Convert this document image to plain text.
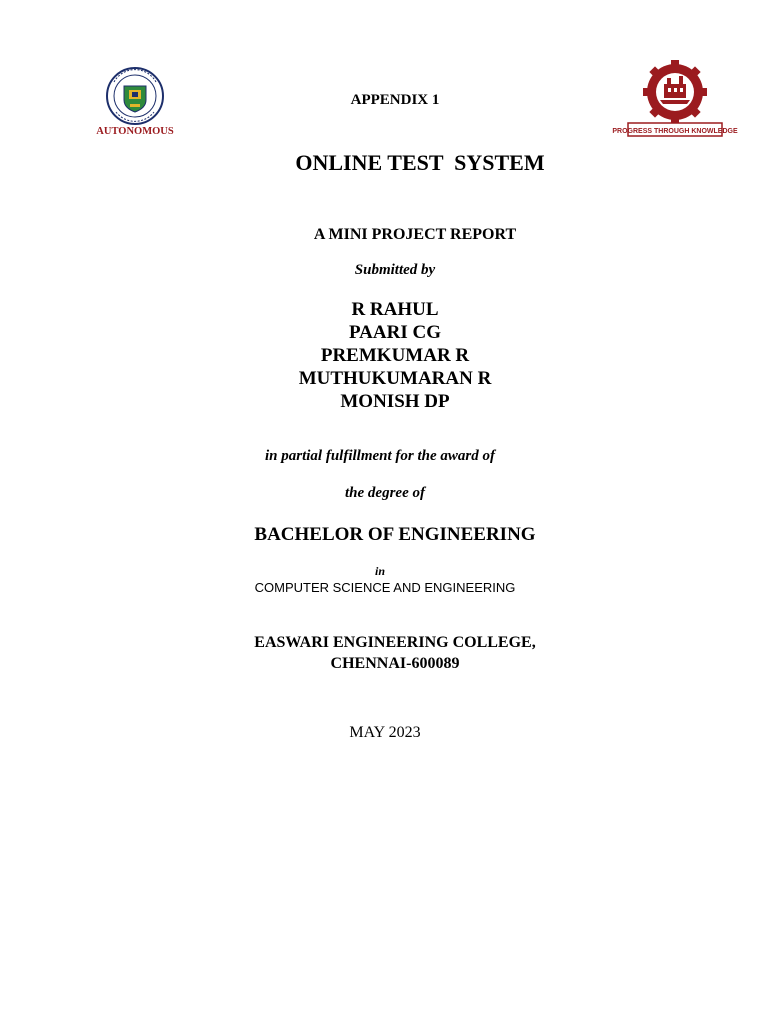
AUTONOMOUS	PROGRESS THROUGH KNOWLEDGE
APPENDIX 1
ONLINE TEST  SYSTEM
A MINI PROJECT REPORT
Submitted by
R RAHUL
PAARI CG
PREMKUMAR R
MUTHUKUMARAN R
MONISH DP
in partial fulfillment for the award of
the degree of
BACHELOR OF ENGINEERING
in
COMPUTER SCIENCE AND ENGINEERING
EASWARI ENGINEERING COLLEGE,
CHENNAI-600089
MAY 2023
